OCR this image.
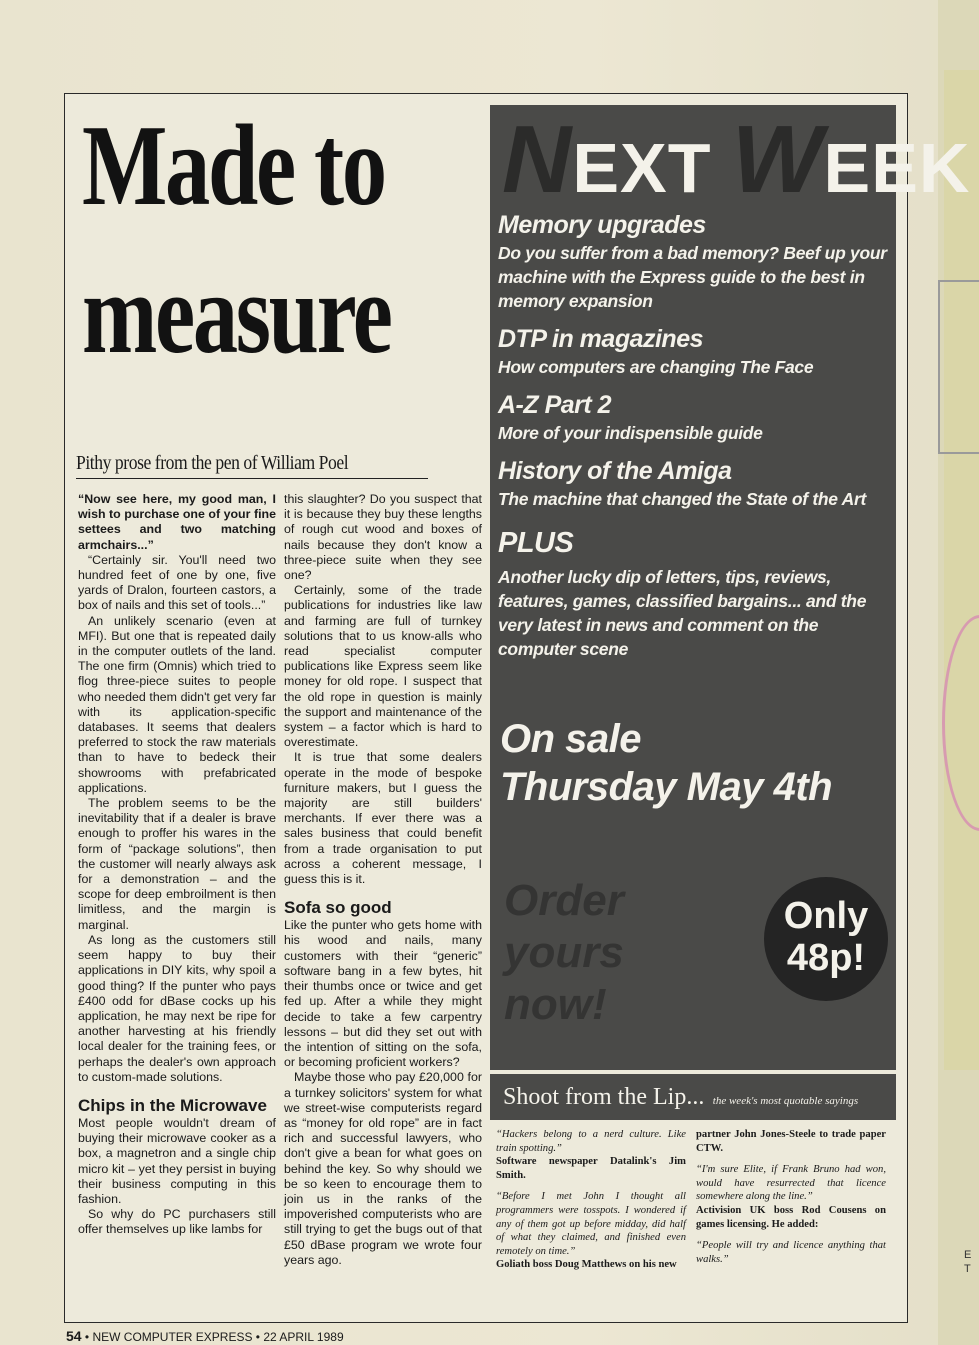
E
T
Made to
measure
Pithy prose from the pen of William Poel

“Now see here, my good man, I wish to purchase one of your fine settees and two matching armchairs...”

“Certainly sir. You'll need two hundred feet of one by one, five yards of Dralon, fourteen castors, a box of nails and this set of tools...”

An unlikely scenario (even at MFI). But one that is repeated daily in the computer outlets of the land. The one firm (Omnis) which tried to flog three-piece suites to people who needed them didn't get very far with its application-specific databases. It seems that dealers preferred to stock the raw materials than to have to bedeck their showrooms with prefabricated applications.

The problem seems to be the inevitability that if a dealer is brave enough to proffer his wares in the form of “package solutions”, then the customer will nearly always ask for a demonstration – and the scope for deep embroilment is then limitless, and the margin is marginal.

As long as the customers still seem happy to buy their applications in DIY kits, why spoil a good thing? If the punter who pays £400 odd for dBase cocks up his application, he may next be ripe for another harvesting at his friendly local dealer for the training fees, or perhaps the dealer's own approach to custom-made solutions.

Chips in the Microwave

Most people wouldn't dream of buying their microwave cooker as a box, a magnetron and a single chip micro kit – yet they persist in buying their business computing in this fashion.

So why do PC purchasers still offer themselves up like lambs for

this slaughter? Do you suspect that it is because they buy these lengths of rough cut wood and boxes of nails because they don't know a three-piece suite when they see one?

Certainly, some of the trade publications for industries like law and farming are full of turnkey solutions that to us know-alls who read specialist computer publications like Express seem like money for old rope. I suspect that the old rope in question is mainly the support and maintenance of the system – a factor which is hard to overestimate.

It is true that some dealers operate in the mode of bespoke furniture makers, but I guess the majority are still builders' merchants. If ever there was a sales business that could benefit from a trade organisation to put across a coherent message, I guess this is it.

Sofa so good

Like the punter who gets home with his wood and nails, many customers with their “generic” software bang in a few bytes, hit their thumbs once or twice and get fed up. After a while they might decide to take a few carpentry lessons – but did they set out with the intention of sitting on the sofa, or becoming proficient workers?

Maybe those who pay £20,000 for a turnkey solicitors' system for what we street-wise computerists regard as “money for old rope” are in fact rich and successful lawyers, who don't give a bean for what goes on behind the key. So why should we be so keen to encourage them to join us in the ranks of the impoverished computerists who are still trying to get the bugs out of that £50 dBase program we wrote four years ago.

NEXT WEEK
Memory upgrades
Do you suffer from a bad memory? Beef up your machine with the Express guide to the best in memory expansion
DTP in magazines
How computers are changing The Face
A-Z Part 2
More of your indispensible guide
History of the Amiga
The machine that changed the State of the Art
PLUS
Another lucky dip of letters, tips, reviews, features, games, classified bargains... and the very latest in news and comment on the computer scene
On sale
Thursday May 4th
Order
yours
now!
Only
48p!
Shoot from the Lip... the week's most quotable sayings

“Hackers belong to a nerd culture. Like train spotting.”

Software newspaper Datalink's Jim Smith.

“Before I met John I thought all programmers were tosspots. I wondered if any of them got up before midday, did half of what they claimed, and finished even remotely on time.”

Goliath boss Doug Matthews on his new

partner John Jones-Steele to trade paper CTW.

“I'm sure Elite, if Frank Bruno had won, would have resurrected that licence somewhere along the line.”

Activision UK boss Rod Cousens on games licensing. He added:

“People will try and licence anything that walks.”

54 • NEW COMPUTER EXPRESS • 22 APRIL 1989
